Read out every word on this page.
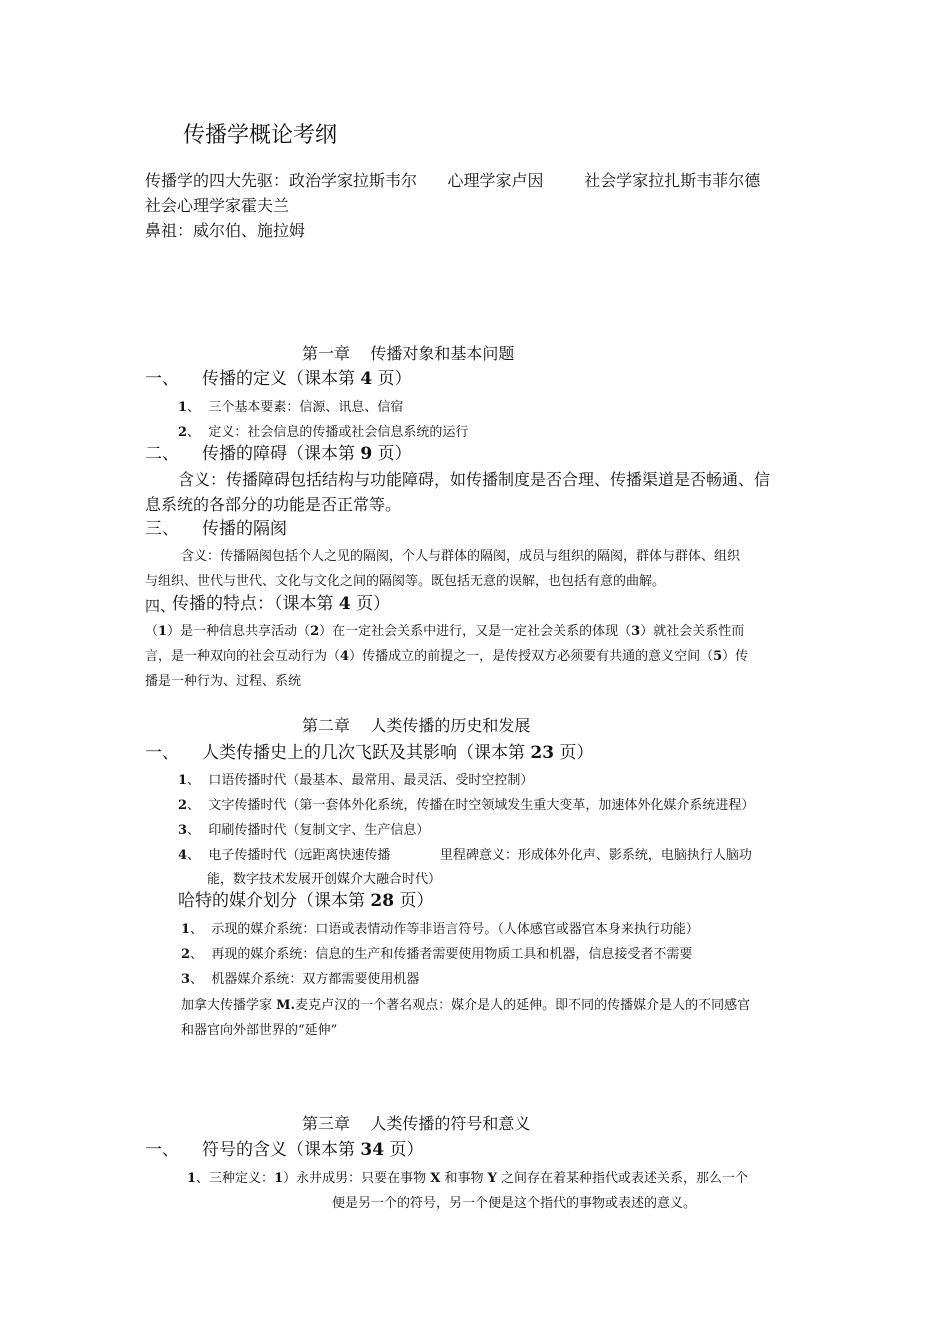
传播学概论考纲
传播学的四大先驱：政治学家拉斯韦尔      心理学家卢因        社会学家拉扎斯韦菲尔德
社会心理学家霍夫兰
鼻祖：威尔伯、施拉姆
第一章    传播对象和基本问题
一、 传播的定义（课本第 4 页）
1、  三个基本要素：信源、讯息、信宿
2、  定义：社会信息的传播或社会信息系统的运行
二、 传播的障碍（课本第 9 页）
含义：传播障碍包括结构与功能障碍，如传播制度是否合理、传播渠道是否畅通、信
息系统的各部分的功能是否正常等。
三、 传播的隔阂
含义：传播隔阂包括个人之见的隔阂，个人与群体的隔阂，成员与组织的隔阂，群体与群体、组织
与组织、世代与世代、文化与文化之间的隔阂等。既包括无意的误解，也包括有意的曲解。
四、
传播的特点：（课本第 4 页）
（1）是一种信息共享活动（2）在一定社会关系中进行，又是一定社会关系的体现（3）就社会关系性而
言，是一种双向的社会互动行为（4）传播成立的前提之一，是传授双方必须要有共通的意义空间（5）传
播是一种行为、过程、系统
第二章    人类传播的历史和发展
一、 人类传播史上的几次飞跃及其影响（课本第 23 页）
1、  口语传播时代（最基本、最常用、最灵活、受时空控制）
2、  文字传播时代（第一套体外化系统，传播在时空领域发生重大变革，加速体外化媒介系统进程）
3、  印刷传播时代（复制文字、生产信息）
4、  电子传播时代（远距离快速传播            里程碑意义：形成体外化声、影系统，电脑执行人脑功
能，数字技术发展开创媒介大融合时代）
哈特的媒介划分（课本第 28 页）
1、  示现的媒介系统：口语或表情动作等非语言符号。（人体感官或器官本身来执行功能）
2、  再现的媒介系统：信息的生产和传播者需要使用物质工具和机器，信息接受者不需要
3、  机器媒介系统：双方都需要使用机器
加拿大传播学家 M.麦克卢汉的一个著名观点：媒介是人的延伸。即不同的传播媒介是人的不同感官
和器官向外部世界的“延伸”
第三章    人类传播的符号和意义
一、 符号的含义（课本第 34 页）
1、三种定义：1）永井成男：只要在事物 X 和事物 Y 之间存在着某种指代或表述关系，那么一个
便是另一个的符号，另一个便是这个指代的事物或表述的意义。
